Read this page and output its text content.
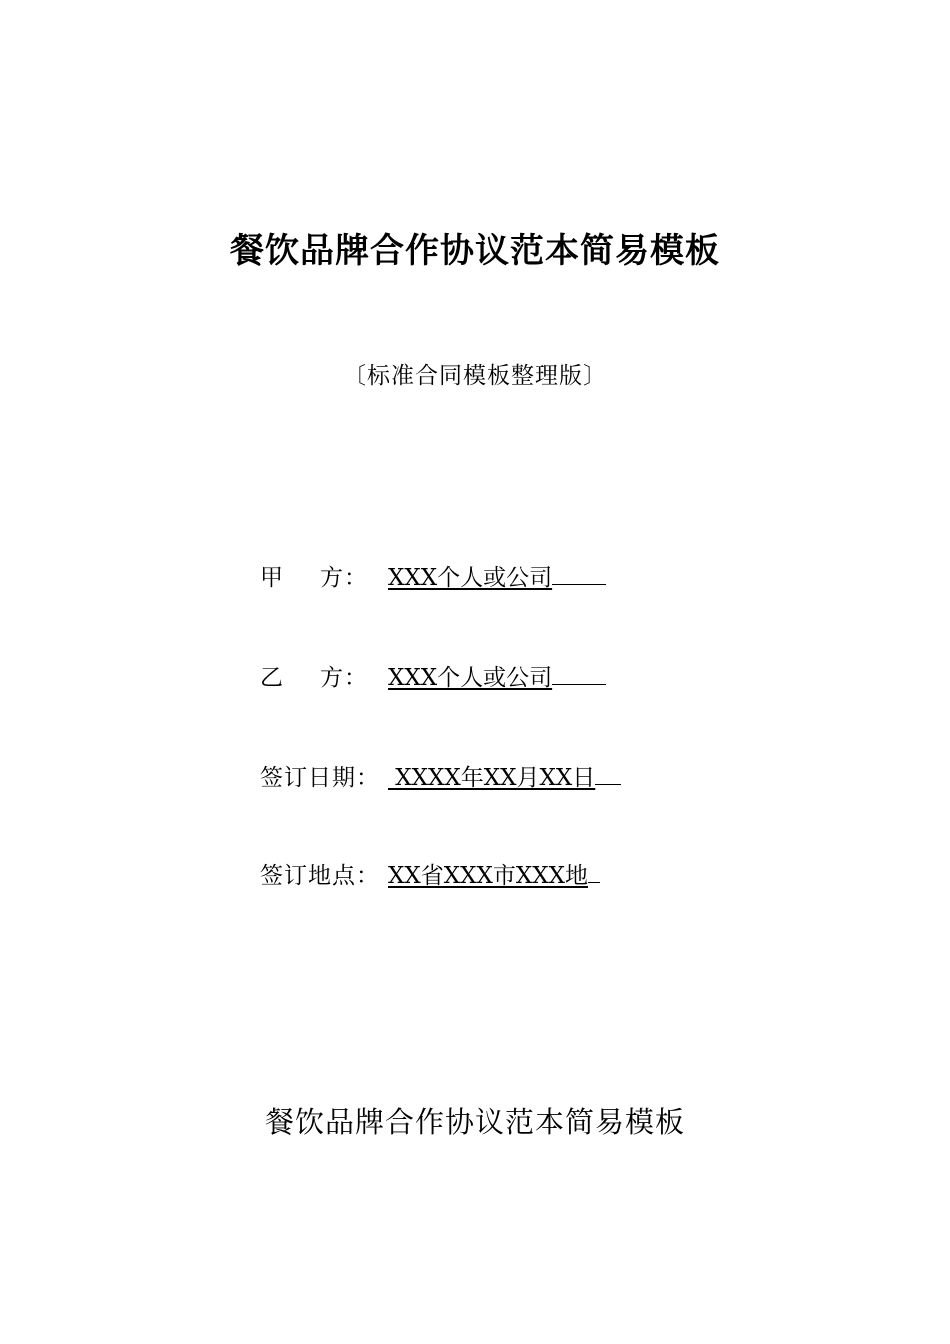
餐饮品牌合作协议范本简易模板
〔标准合同模板整理版〕
甲 方： XXX个人或公司
乙 方： XXX个人或公司
签订日期： XXXX年XX月XX日
签订地点： XX省XXX市XXX地
餐饮品牌合作协议范本简易模板
